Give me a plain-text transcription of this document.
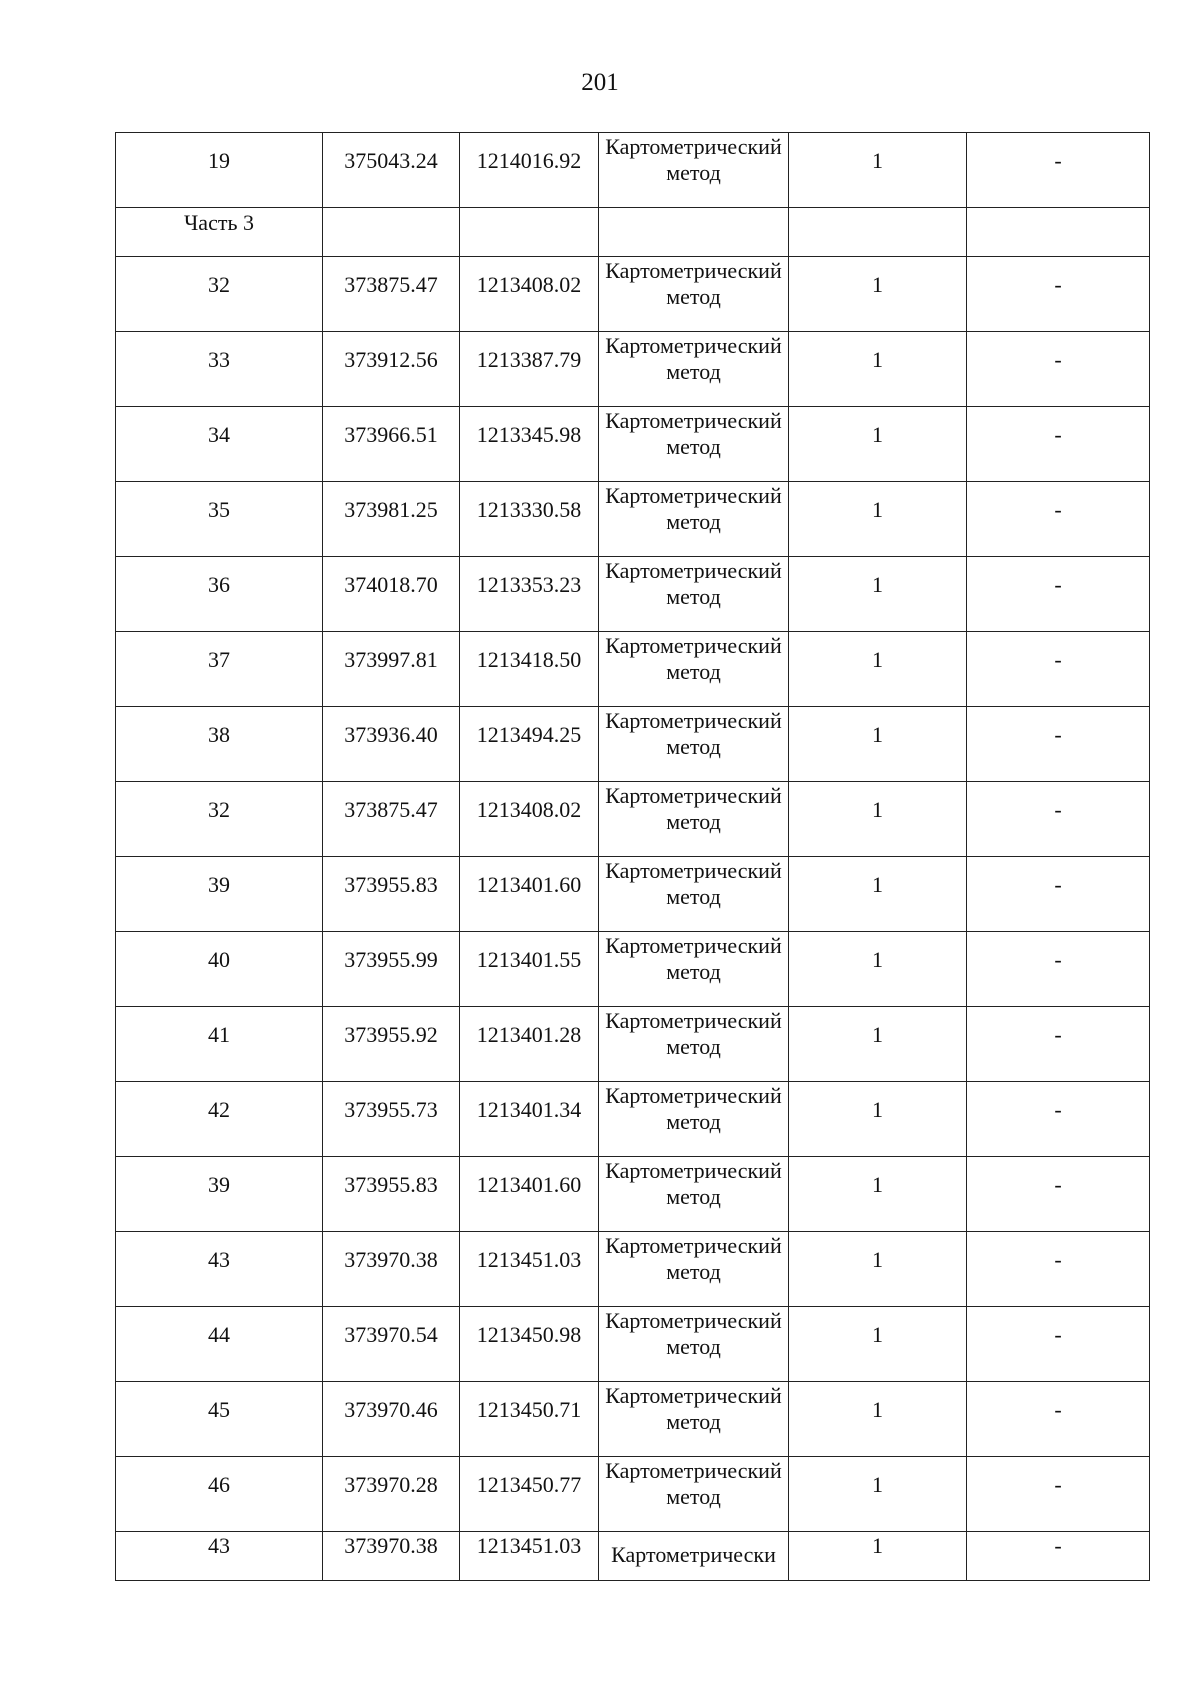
201
19	375043.24	1214016.92	Картометрический метод	1	-
Часть 3					
32	373875.47	1213408.02	Картометрический метод	1	-
33	373912.56	1213387.79	Картометрический метод	1	-
34	373966.51	1213345.98	Картометрический метод	1	-
35	373981.25	1213330.58	Картометрический метод	1	-
36	374018.70	1213353.23	Картометрический метод	1	-
37	373997.81	1213418.50	Картометрический метод	1	-
38	373936.40	1213494.25	Картометрический метод	1	-
32	373875.47	1213408.02	Картометрический метод	1	-
39	373955.83	1213401.60	Картометрический метод	1	-
40	373955.99	1213401.55	Картометрический метод	1	-
41	373955.92	1213401.28	Картометрический метод	1	-
42	373955.73	1213401.34	Картометрический метод	1	-
39	373955.83	1213401.60	Картометрический метод	1	-
43	373970.38	1213451.03	Картометрический метод	1	-
44	373970.54	1213450.98	Картометрический метод	1	-
45	373970.46	1213450.71	Картометрический метод	1	-
46	373970.28	1213450.77	Картометрический метод	1	-
43	373970.38	1213451.03	Картометрически	1	-
